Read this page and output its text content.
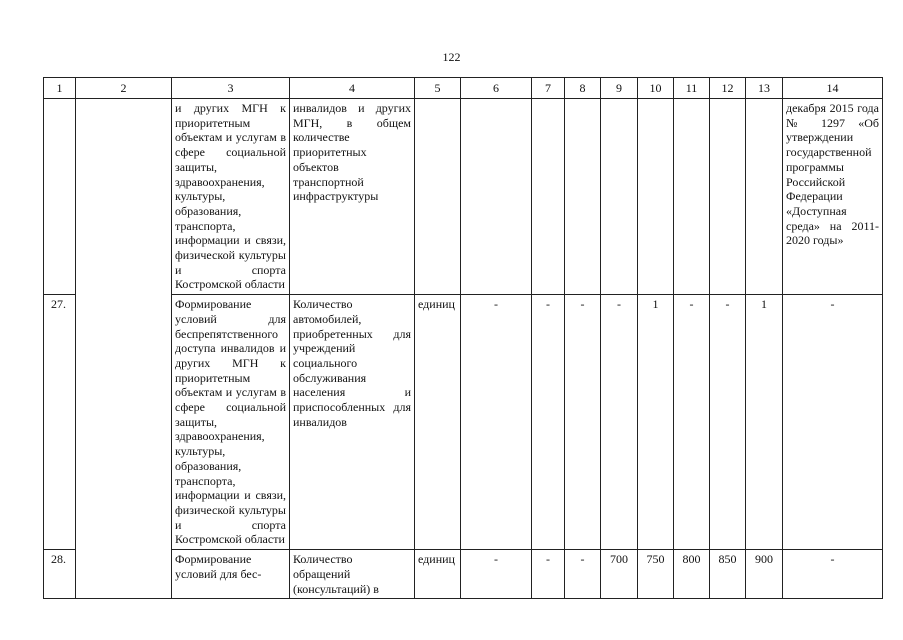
122
1	2	3	4	5	6	7	8	9	10	11	12	13	14
		и других МГН к приоритетным объектам и услугам в сфере социальной защиты, здравоохранения, культуры, образования, транспорта, информации и связи, физической культуры и спорта Костромской области	инвалидов и других МГН, в общем количестве приоритетных объектов транспортной инфраструктуры										декабря 2015 года № 1297 «Об утверждении государственной программы Российской Федерации «Доступная среда» на 2011-2020 годы»
27.		Формирование условий для беспрепятственного доступа инвалидов и других МГН к приоритетным объектам и услугам в сфере социальной защиты, здравоохранения, культуры, образования, транспорта, информации и связи, физической культуры и спорта Костромской области	Количество автомобилей, приобретенных для учреждений социального обслуживания населения и приспособленных для инвалидов	единиц	-	-	-	-	1	-	-	1	-
28.		Формирование условий для бес-	Количество обращений (консультаций) в	единиц	-	-	-	700	750	800	850	900	-
